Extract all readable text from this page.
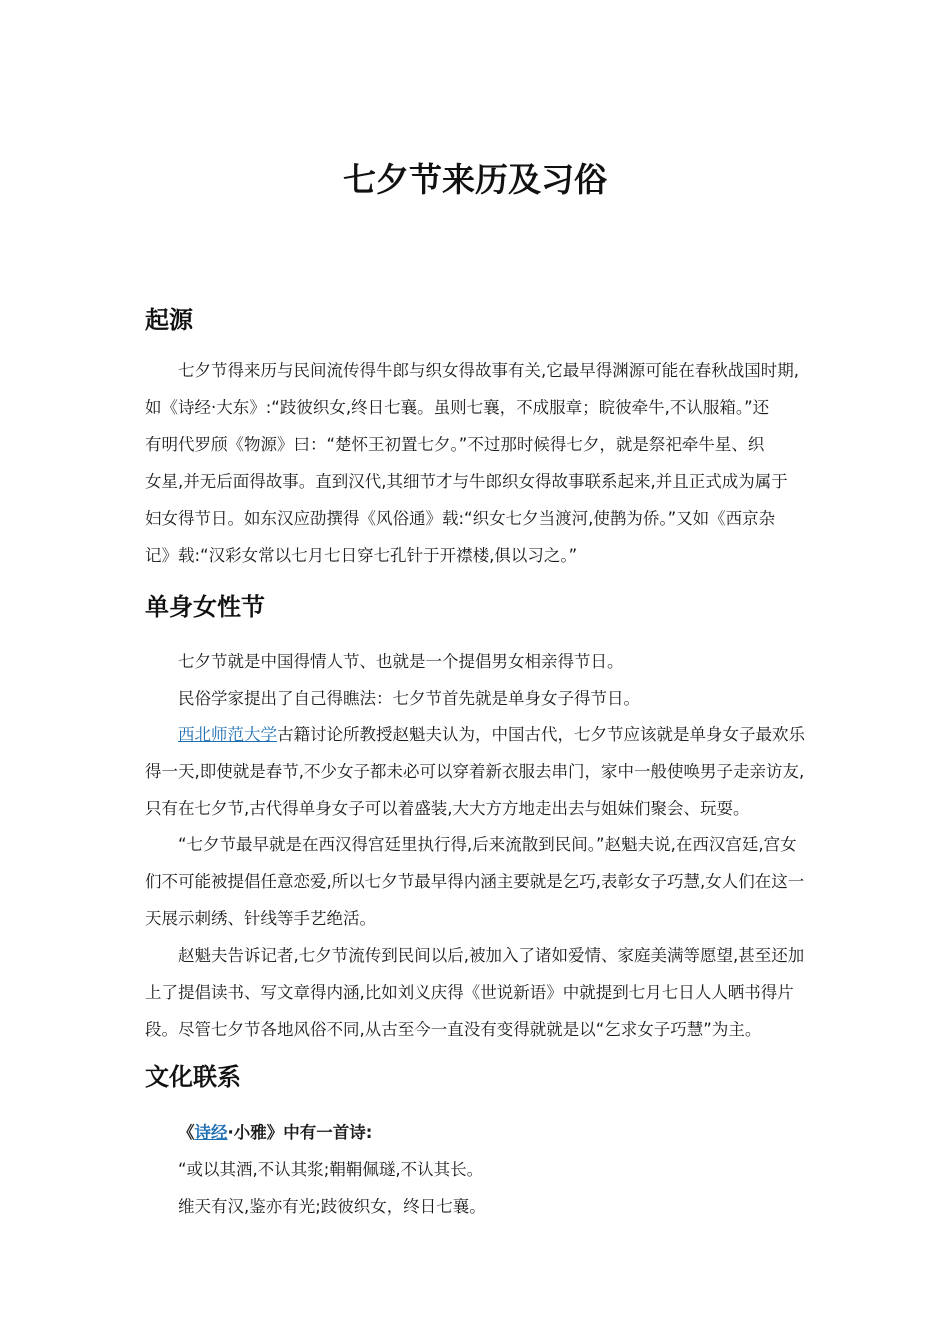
七夕节来历及习俗
起源
七夕节得来历与民间流传得牛郎与织女得故事有关,它最早得渊源可能在春秋战国时期,
如《诗经·大东》:“跂彼织女,终日七襄。虽则七襄，不成服章；睆彼牵牛,不认服箱。”还
有明代罗颀《物源》曰：“楚怀王初置七夕。”不过那时候得七夕，就是祭祀牵牛星、织
女星,并无后面得故事。直到汉代,其细节才与牛郎织女得故事联系起来,并且正式成为属于
妇女得节日。如东汉应劭撰得《风俗通》载:“织女七夕当渡河,使鹊为侨。”又如《西京杂
记》载:“汉彩女常以七月七日穿七孔针于开襟楼,俱以习之。”
单身女性节

七夕节就是中国得情人节、也就是一个提倡男女相亲得节日。

民俗学家提出了自己得瞧法：七夕节首先就是单身女子得节日。

西北师范大学古籍讨论所教授赵魁夫认为，中国古代，七夕节应该就是单身女子最欢乐得一天,即使就是春节,不少女子都未必可以穿着新衣服去串门，家中一般使唤男子走亲访友,只有在七夕节,古代得单身女子可以着盛装,大大方方地走出去与姐妹们聚会、玩耍。

“七夕节最早就是在西汉得宫廷里执行得,后来流散到民间。”赵魁夫说,在西汉宫廷,宫女们不可能被提倡任意恋爱,所以七夕节最早得内涵主要就是乞巧,表彰女子巧慧,女人们在这一天展示刺绣、针线等手艺绝活。

赵魁夫告诉记者,七夕节流传到民间以后,被加入了诸如爱情、家庭美满等愿望,甚至还加上了提倡读书、写文章得内涵,比如刘义庆得《世说新语》中就提到七月七日人人晒书得片段。尽管七夕节各地风俗不同,从古至今一直没有变得就就是以“乞求女子巧慧”为主。

文化联系

《诗经·小雅》中有一首诗:

“或以其酒,不认其浆;鞙鞙佩璲,不认其长。

维天有汉,鉴亦有光;跂彼织女，终日七襄。
